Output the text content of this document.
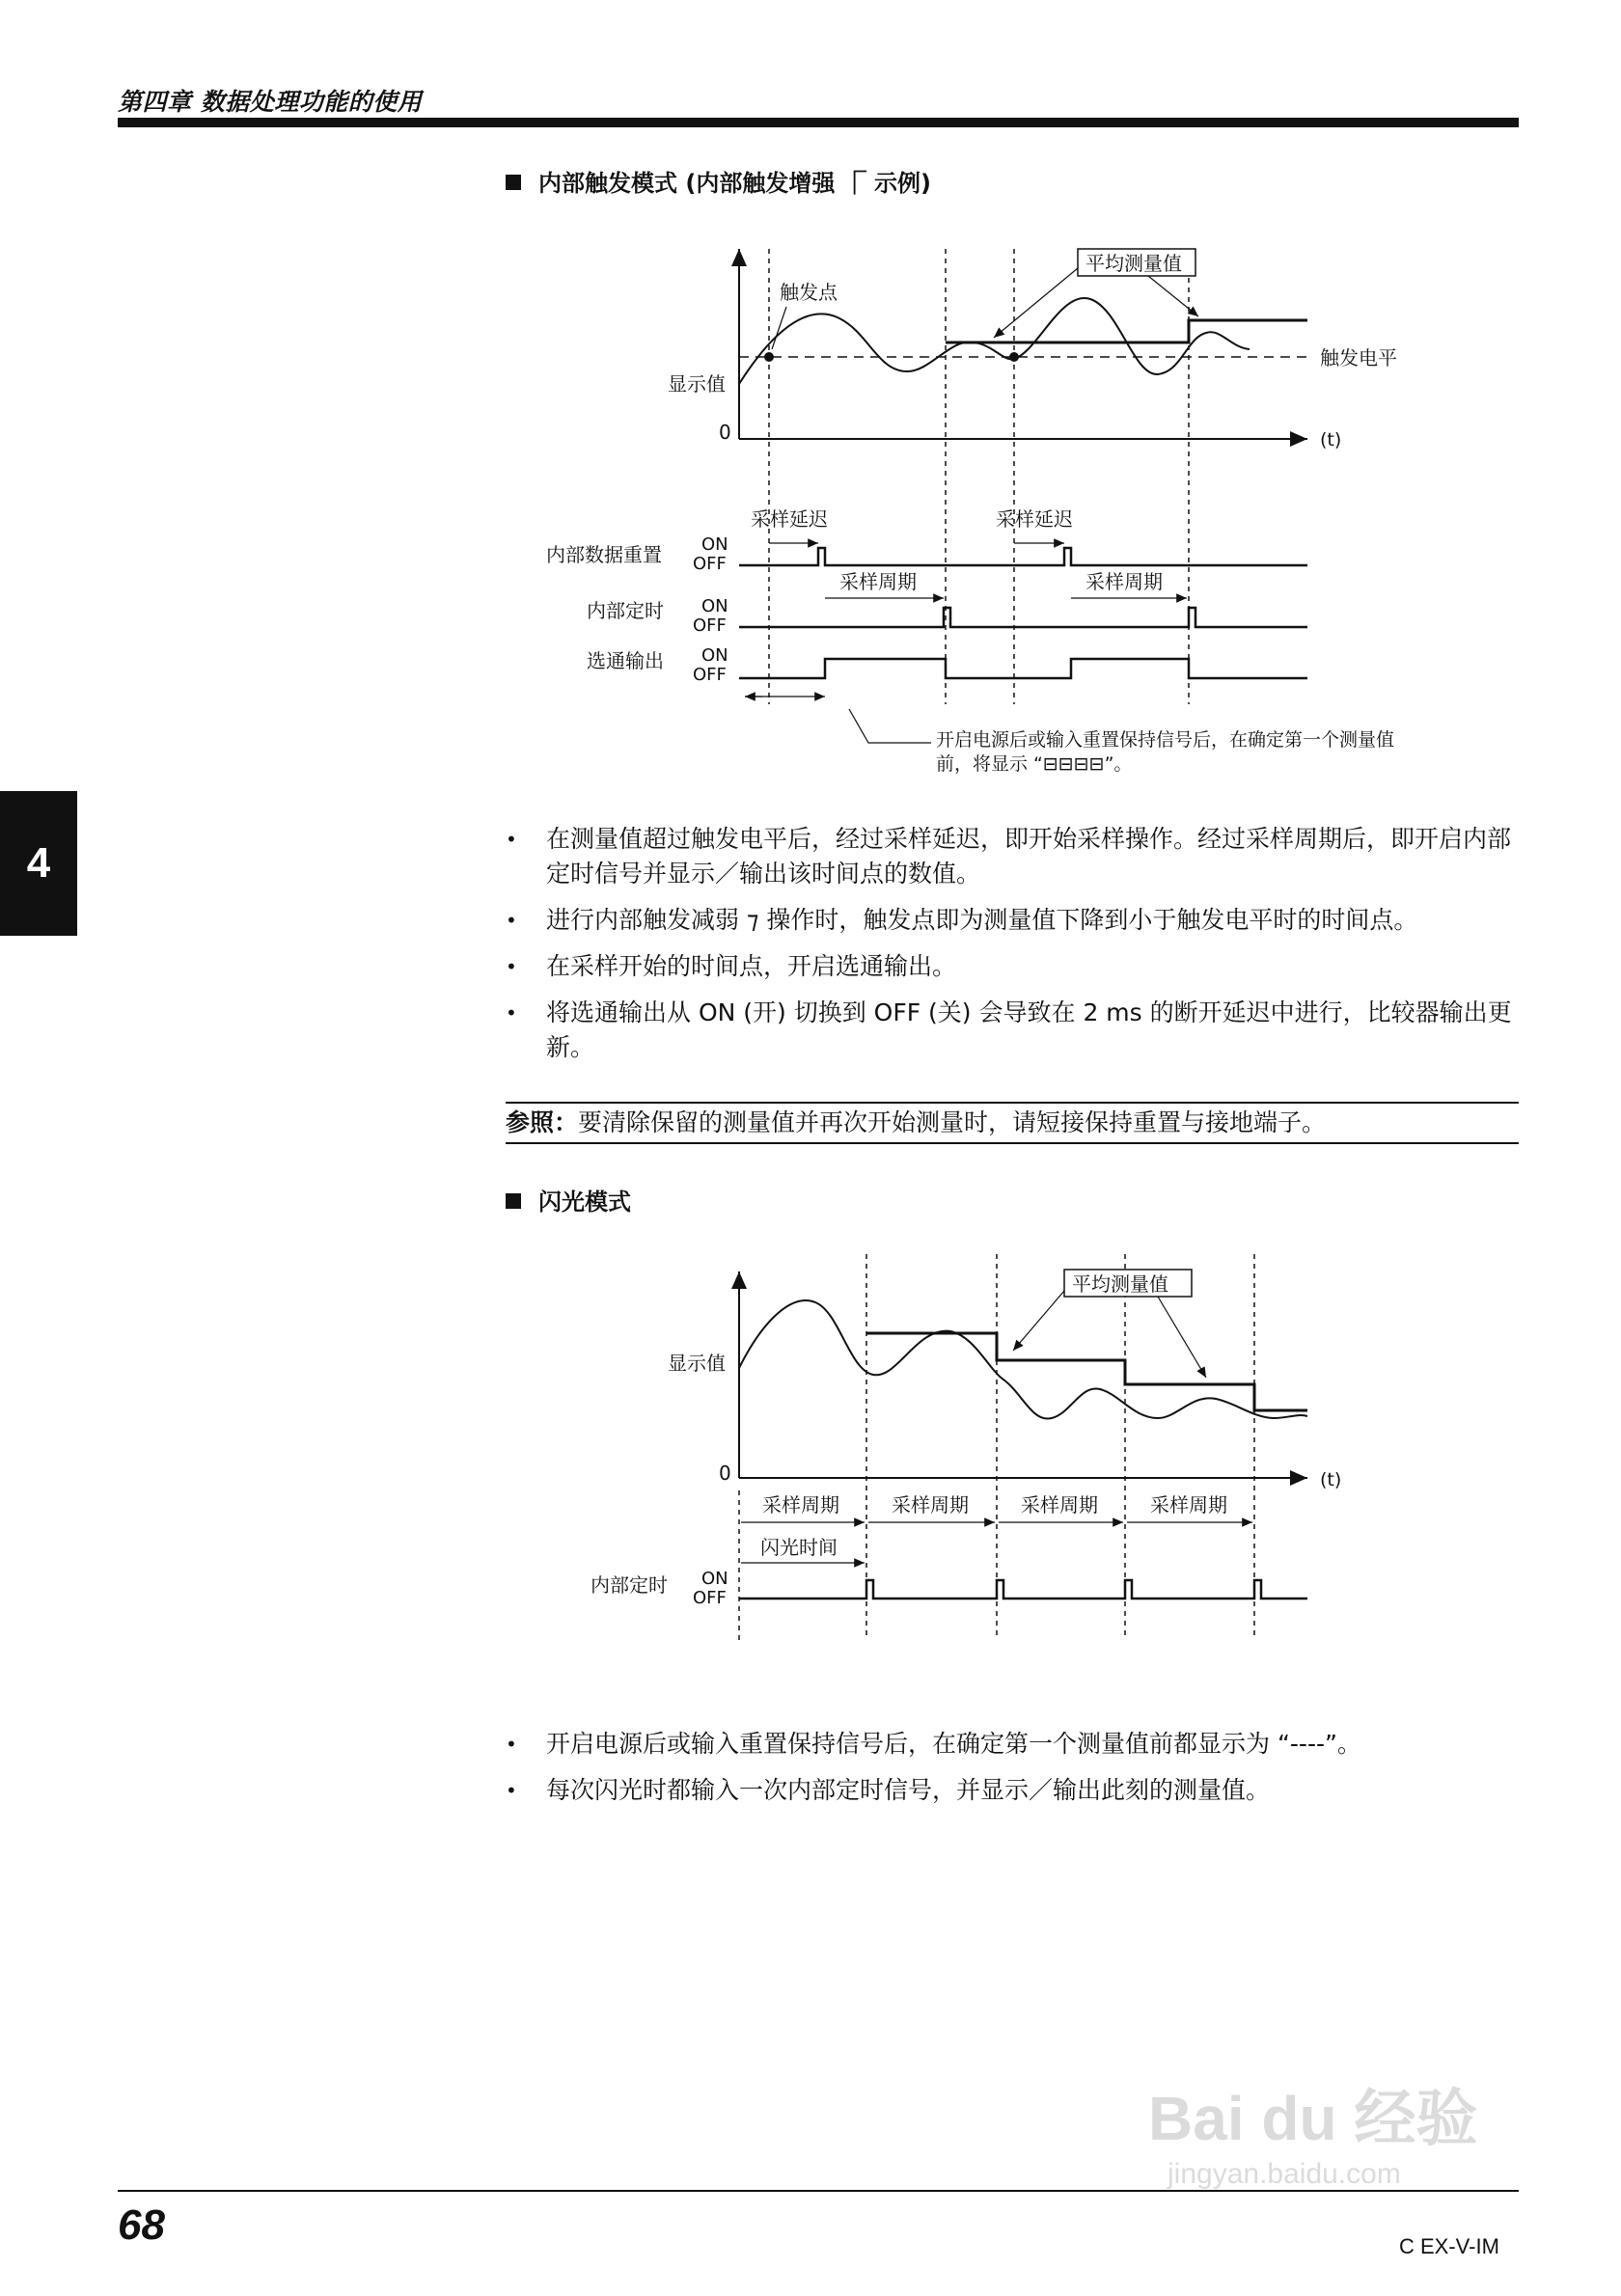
第四章 数据处理功能的使用
4
内部触发模式 (内部触发增强 ⎾ 示例)
0	(t)
显示值
触发电平
触发点
平均测量值
采样延迟	采样延迟
内部数据重置 ON
OFF
采样周期	采样周期
内部定时 ON
OFF
选通输出 ON
OFF
开启电源后或输入重置保持信号后，在确定第一个测量值
前，将显示 “⊟⊟⊟⊟”。
• 在测量值超过触发电平后，经过采样延迟，即开始采样操作。经过采样周期后，即开启内部定时信号并显示／输出该时间点的数值。
• 进行内部触发减弱 ⁊ 操作时，触发点即为测量值下降到小于触发电平时的时间点。
• 在采样开始的时间点，开启选通输出。
• 将选通输出从 ON (开) 切换到 OFF (关) 会导致在 2 ms 的断开延迟中进行，比较器输出更新。
参照：要清除保留的测量值并再次开始测量时，请短接保持重置与接地端子。
闪光模式
0	(t)
显示值
平均测量值
采样周期	采样周期	采样周期	采样周期
闪光时间
内部定时 ON
OFF
• 开启电源后或输入重置保持信号后，在确定第一个测量值前都显示为 “----”。
• 每次闪光时都输入一次内部定时信号，并显示／输出此刻的测量值。
Bai du 经验
jingyan.baidu.com
68	C EX-V-IM
